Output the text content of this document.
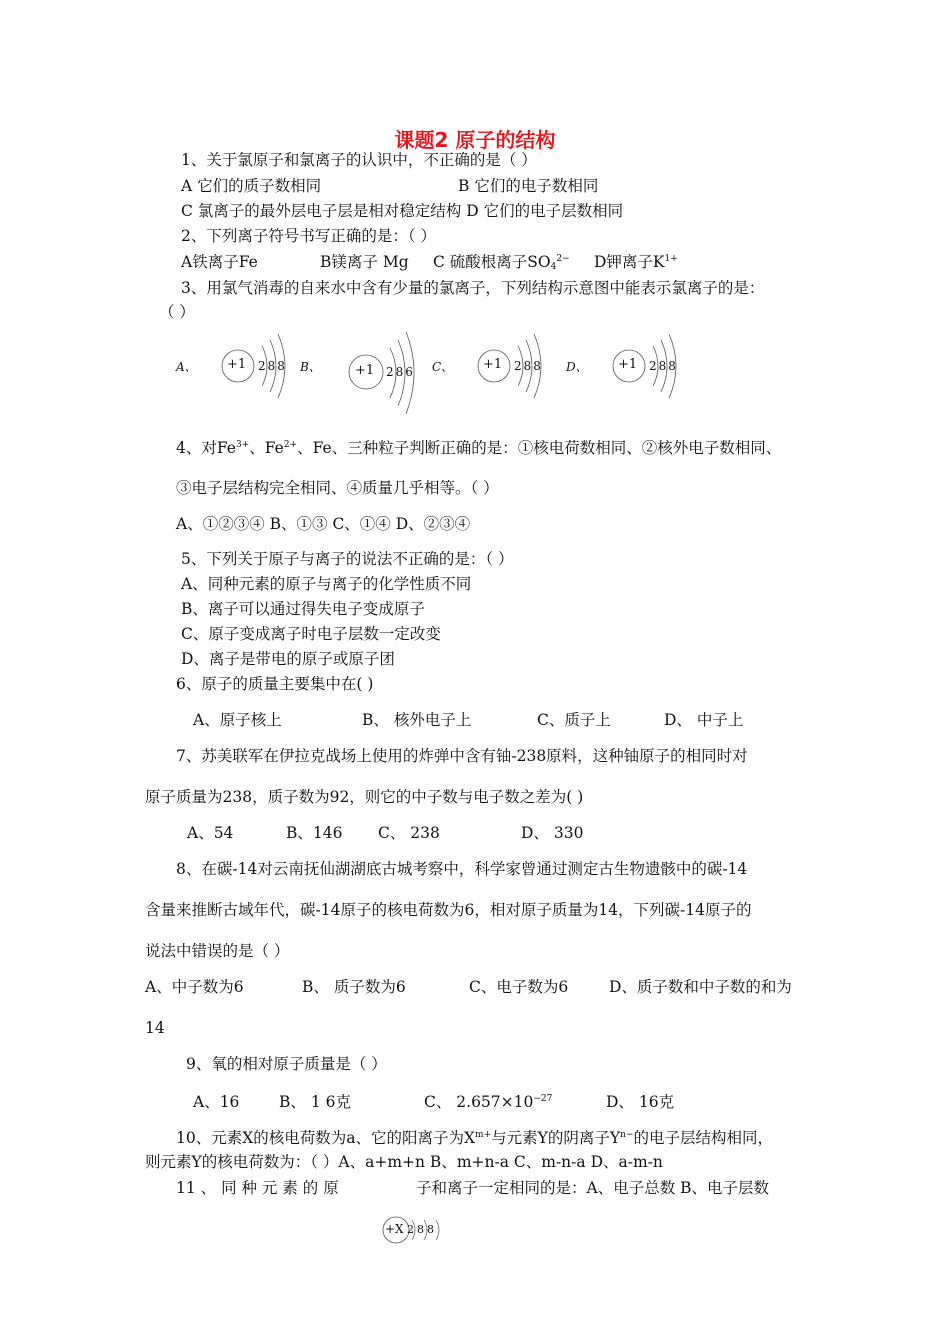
课题2 原子的结构
1、关于氯原子和氯离子的认识中，不正确的是（ ）
A 它们的质子数相同	B 它们的电子数相同
C 氯离子的最外层电子层是相对稳定结构 D 它们的电子层数相同
2、下列离子符号书写正确的是：（ ）
A铁离子Fe	B镁离子 Mg C 硫酸根离子$SO_4^{2-}$ D钾离子$K^{1+}$
3、用氯气消毒的自来水中含有少量的氯离子，下列结构示意图中能表示氯离子的是：
（ ）
A、 +1 288 B、	+1 286 C、 +1 288 D、 +1 288
4、对$Fe^{3+}$、$Fe^{2+}$、Fe、三种粒子判断正确的是：①核电荷数相同、②核外电子数相同、
③电子层结构完全相同、④质量几乎相等。（ ）
A、①②③④ B、①③ C、①④ D、②③④
5、下列关于原子与离子的说法不正确的是：（ ）
A、同种元素的原子与离子的化学性质不同
B、离子可以通过得失电子变成原子
C、原子变成离子时电子层数一定改变
D、离子是带电的原子或原子团
6、原子的质量主要集中在( )
A、原子核上	B、 核外电子上	C、质子上	D、 中子上
7、苏美联军在伊拉克战场上使用的炸弹中含有铀-238原料，这种铀原子的相同时对
原子质量为238，质子数为92，则它的中子数与电子数之差为( )
A、54	B、146 C、 238	D、 330
8、在碳-14对云南抚仙湖湖底古城考察中，科学家曾通过测定古生物遗骸中的碳-14
含量来推断古域年代，碳-14原子的核电荷数为6，相对原子质量为14，下列碳-14原子的
说法中错误的是（ ）
A、中子数为6	B、 质子数为6	C、电子数为6	D、质子数和中子数的和为
14
9、氧的相对原子质量是（ ）
A、16	B、 1 6克	C、 $2.657\times 10^{-27}$	D、 16克
10、元素X的核电荷数为a、它的阳离子为$X^{m+}$与元素Y的阴离子$Y^{n-}$的电子层结构相同，
则元素Y的核电荷数为：（ ）A、a+m+n B、m+n-a C、m-n-a D、a-m-n
11 、 同 种 元 素 的 原	子和离子一定相同的是：A、电子总数 B、电子层数
+X 288
